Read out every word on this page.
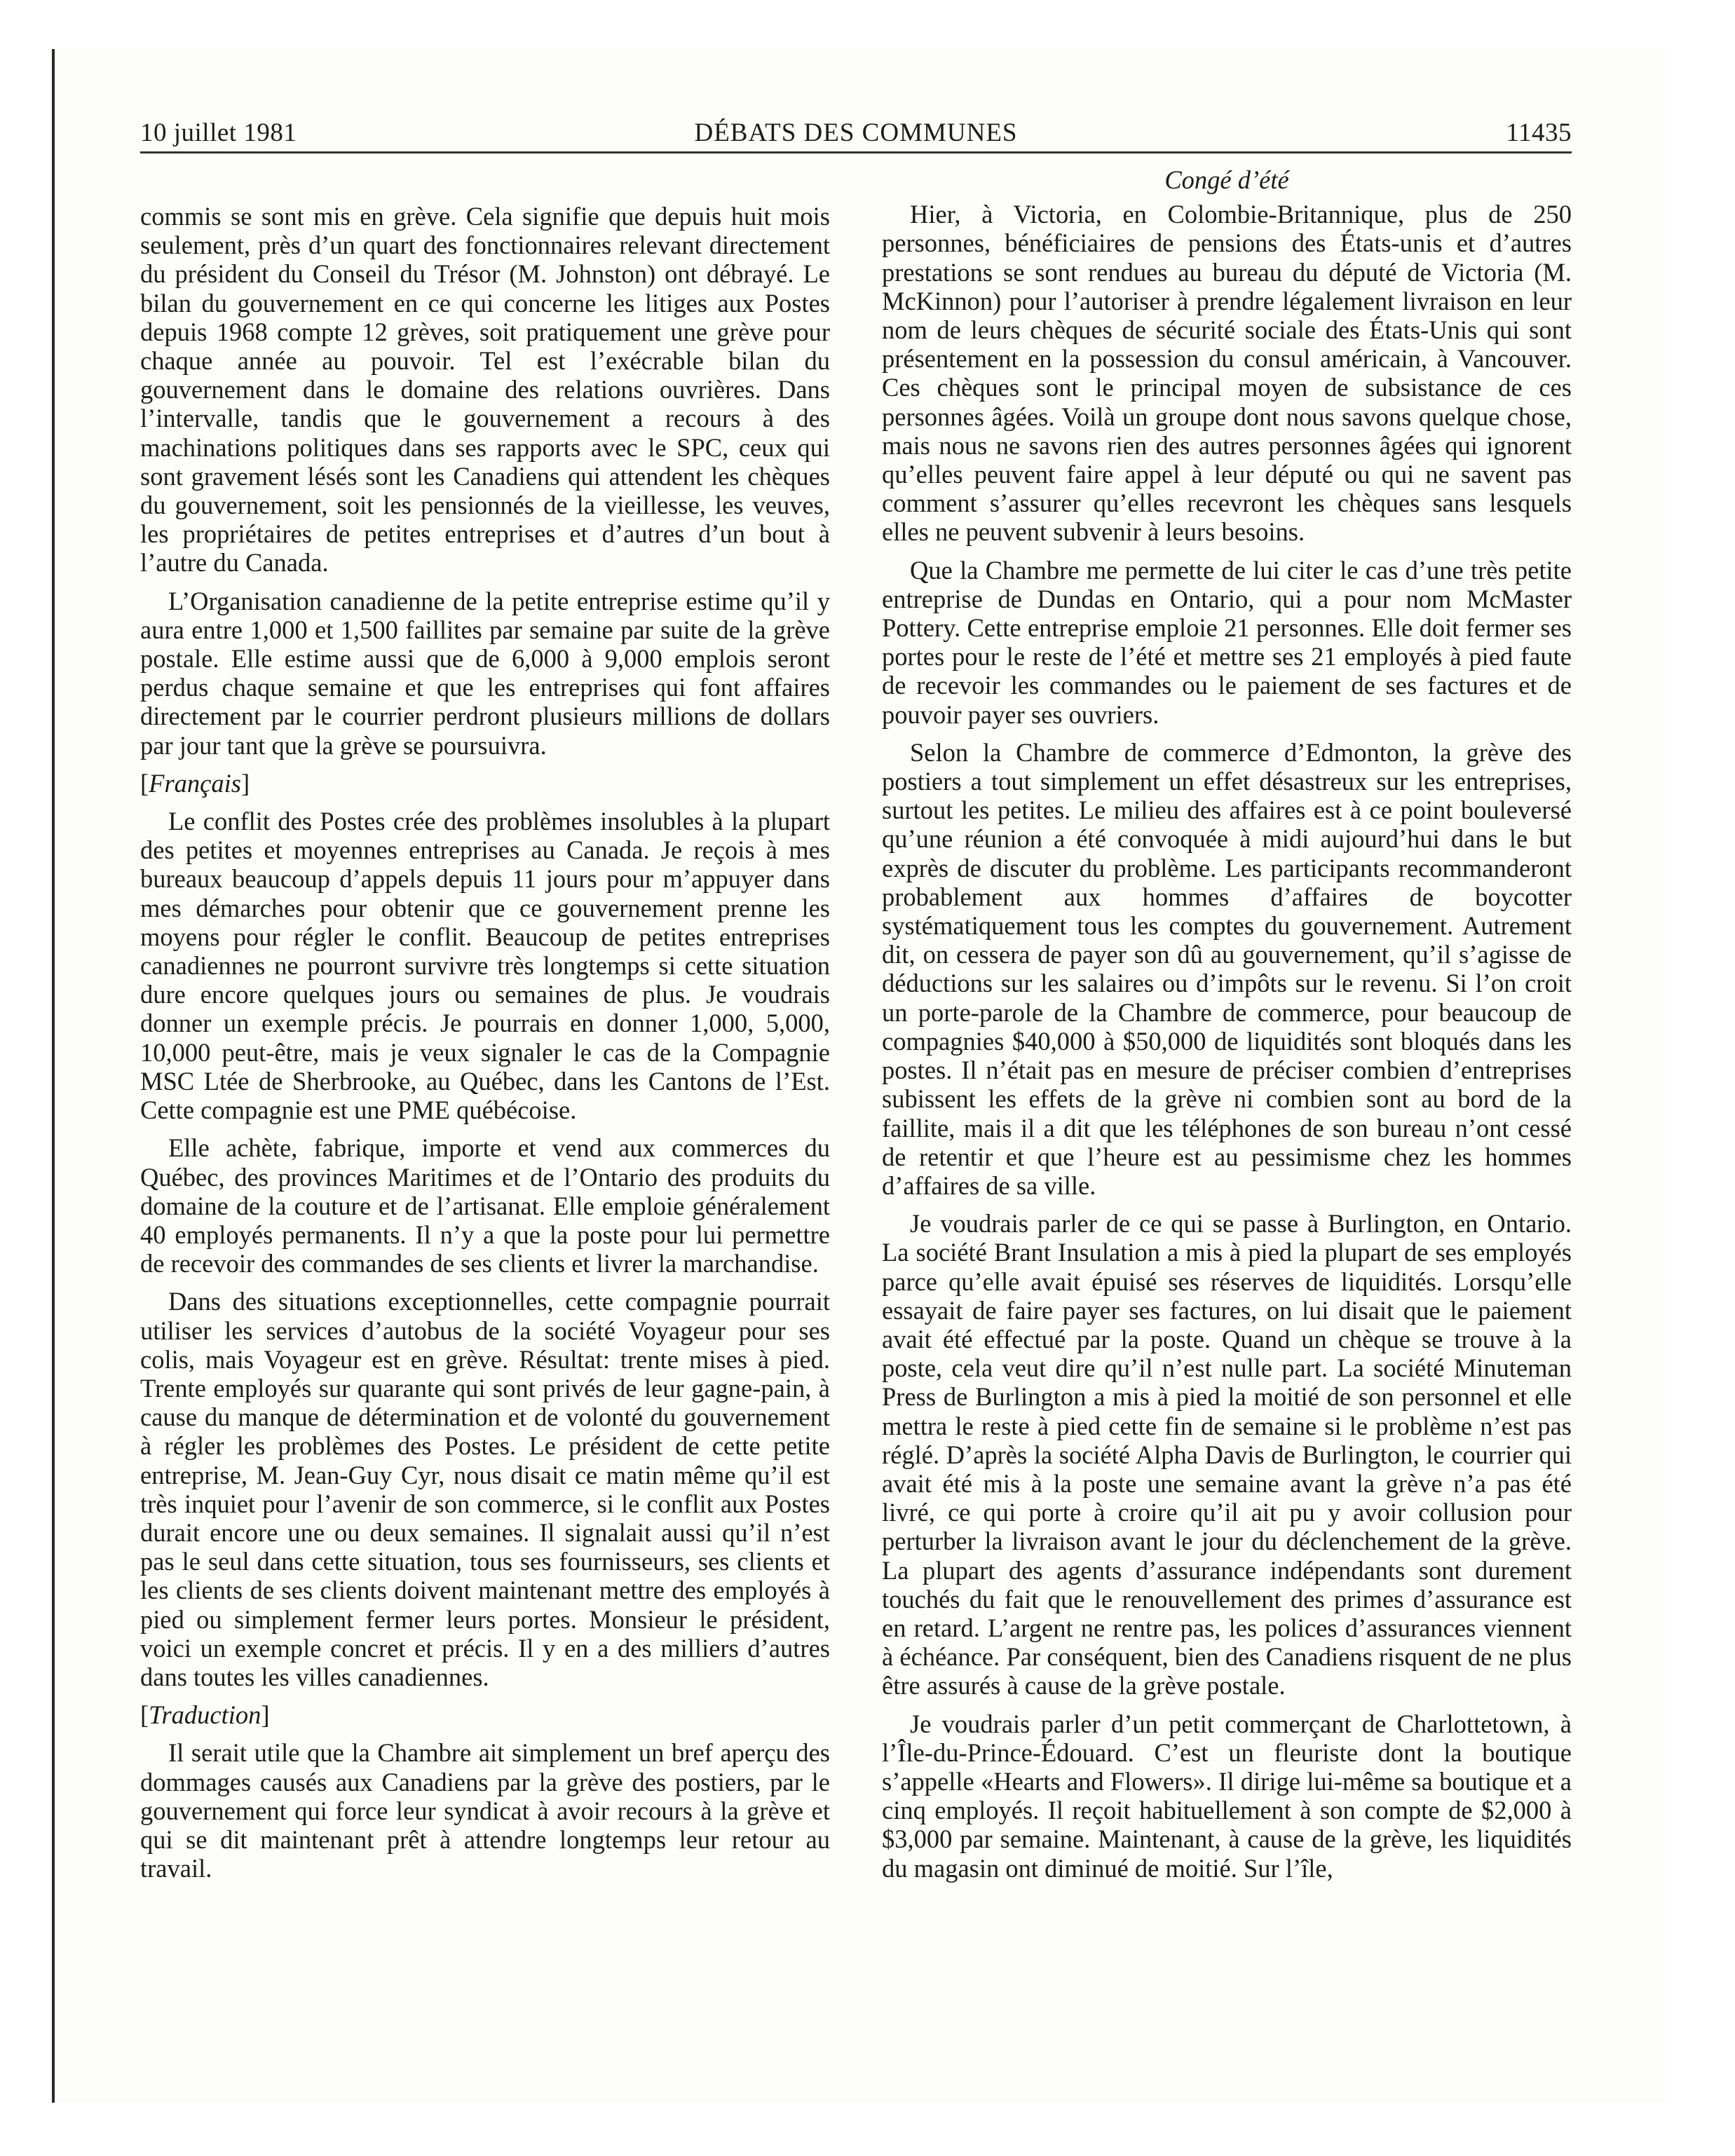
10 juillet 1981	DÉBATS DES COMMUNES	11435

commis se sont mis en grève. Cela signifie que depuis huit mois seulement, près d’un quart des fonctionnaires relevant directement du président du Conseil du Trésor (M. Johnston) ont débrayé. Le bilan du gouvernement en ce qui concerne les litiges aux Postes depuis 1968 compte 12 grèves, soit pratiquement une grève pour chaque année au pouvoir. Tel est l’exécrable bilan du gouvernement dans le domaine des relations ouvrières. Dans l’intervalle, tandis que le gouvernement a recours à des machinations politiques dans ses rapports avec le SPC, ceux qui sont gravement lésés sont les Canadiens qui attendent les chèques du gouvernement, soit les pensionnés de la vieillesse, les veuves, les propriétaires de petites entreprises et d’autres d’un bout à l’autre du Canada.

L’Organisation canadienne de la petite entreprise estime qu’il y aura entre 1,000 et 1,500 faillites par semaine par suite de la grève postale. Elle estime aussi que de 6,000 à 9,000 emplois seront perdus chaque semaine et que les entreprises qui font affaires directement par le courrier perdront plusieurs millions de dollars par jour tant que la grève se poursuivra.

[Français]

Le conflit des Postes crée des problèmes insolubles à la plupart des petites et moyennes entreprises au Canada. Je reçois à mes bureaux beaucoup d’appels depuis 11 jours pour m’appuyer dans mes démarches pour obtenir que ce gouvernement prenne les moyens pour régler le conflit. Beaucoup de petites entreprises canadiennes ne pourront survivre très longtemps si cette situation dure encore quelques jours ou semaines de plus. Je voudrais donner un exemple précis. Je pourrais en donner 1,000, 5,000, 10,000 peut-être, mais je veux signaler le cas de la Compagnie MSC Ltée de Sherbrooke, au Québec, dans les Cantons de l’Est. Cette compagnie est une PME québécoise.

Elle achète, fabrique, importe et vend aux commerces du Québec, des provinces Maritimes et de l’Ontario des produits du domaine de la couture et de l’artisanat. Elle emploie généralement 40 employés permanents. Il n’y a que la poste pour lui permettre de recevoir des commandes de ses clients et livrer la marchandise.

Dans des situations exceptionnelles, cette compagnie pourrait utiliser les services d’autobus de la société Voyageur pour ses colis, mais Voyageur est en grève. Résultat: trente mises à pied. Trente employés sur quarante qui sont privés de leur gagne-pain, à cause du manque de détermination et de volonté du gouvernement à régler les problèmes des Postes. Le président de cette petite entreprise, M. Jean-Guy Cyr, nous disait ce matin même qu’il est très inquiet pour l’avenir de son commerce, si le conflit aux Postes durait encore une ou deux semaines. Il signalait aussi qu’il n’est pas le seul dans cette situation, tous ses fournisseurs, ses clients et les clients de ses clients doivent maintenant mettre des employés à pied ou simplement fermer leurs portes. Monsieur le président, voici un exemple concret et précis. Il y en a des milliers d’autres dans toutes les villes canadiennes.

[Traduction]

Il serait utile que la Chambre ait simplement un bref aperçu des dommages causés aux Canadiens par la grève des postiers, par le gouvernement qui force leur syndicat à avoir recours à la grève et qui se dit maintenant prêt à attendre longtemps leur retour au travail.

Congé d’été

Hier, à Victoria, en Colombie-Britannique, plus de 250 personnes, bénéficiaires de pensions des États-unis et d’autres prestations se sont rendues au bureau du député de Victoria (M. McKinnon) pour l’autoriser à prendre légalement livraison en leur nom de leurs chèques de sécurité sociale des États-Unis qui sont présentement en la possession du consul américain, à Vancouver. Ces chèques sont le principal moyen de subsistance de ces personnes âgées. Voilà un groupe dont nous savons quelque chose, mais nous ne savons rien des autres personnes âgées qui ignorent qu’elles peuvent faire appel à leur député ou qui ne savent pas comment s’assurer qu’elles recevront les chèques sans lesquels elles ne peuvent subvenir à leurs besoins.

Que la Chambre me permette de lui citer le cas d’une très petite entreprise de Dundas en Ontario, qui a pour nom McMaster Pottery. Cette entreprise emploie 21 personnes. Elle doit fermer ses portes pour le reste de l’été et mettre ses 21 employés à pied faute de recevoir les commandes ou le paiement de ses factures et de pouvoir payer ses ouvriers.

Selon la Chambre de commerce d’Edmonton, la grève des postiers a tout simplement un effet désastreux sur les entreprises, surtout les petites. Le milieu des affaires est à ce point bouleversé qu’une réunion a été convoquée à midi aujourd’hui dans le but exprès de discuter du problème. Les participants recommanderont probablement aux hommes d’affaires de boycotter systématiquement tous les comptes du gouvernement. Autrement dit, on cessera de payer son dû au gouvernement, qu’il s’agisse de déductions sur les salaires ou d’impôts sur le revenu. Si l’on croit un porte-parole de la Chambre de commerce, pour beaucoup de compagnies $40,000 à $50,000 de liquidités sont bloqués dans les postes. Il n’était pas en mesure de préciser combien d’entreprises subissent les effets de la grève ni combien sont au bord de la faillite, mais il a dit que les téléphones de son bureau n’ont cessé de retentir et que l’heure est au pessimisme chez les hommes d’affaires de sa ville.

Je voudrais parler de ce qui se passe à Burlington, en Ontario. La société Brant Insulation a mis à pied la plupart de ses employés parce qu’elle avait épuisé ses réserves de liquidités. Lorsqu’elle essayait de faire payer ses factures, on lui disait que le paiement avait été effectué par la poste. Quand un chèque se trouve à la poste, cela veut dire qu’il n’est nulle part. La société Minuteman Press de Burlington a mis à pied la moitié de son personnel et elle mettra le reste à pied cette fin de semaine si le problème n’est pas réglé. D’après la société Alpha Davis de Burlington, le courrier qui avait été mis à la poste une semaine avant la grève n’a pas été livré, ce qui porte à croire qu’il ait pu y avoir collusion pour perturber la livraison avant le jour du déclenchement de la grève. La plupart des agents d’assurance indépendants sont durement touchés du fait que le renouvellement des primes d’assurance est en retard. L’argent ne rentre pas, les polices d’assurances viennent à échéance. Par conséquent, bien des Canadiens risquent de ne plus être assurés à cause de la grève postale.

Je voudrais parler d’un petit commerçant de Charlottetown, à l’Île-du-Prince-Édouard. C’est un fleuriste dont la boutique s’appelle «Hearts and Flowers». Il dirige lui-même sa boutique et a cinq employés. Il reçoit habituellement à son compte de $2,000 à $3,000 par semaine. Maintenant, à cause de la grève, les liquidités du magasin ont diminué de moitié. Sur l’île,
